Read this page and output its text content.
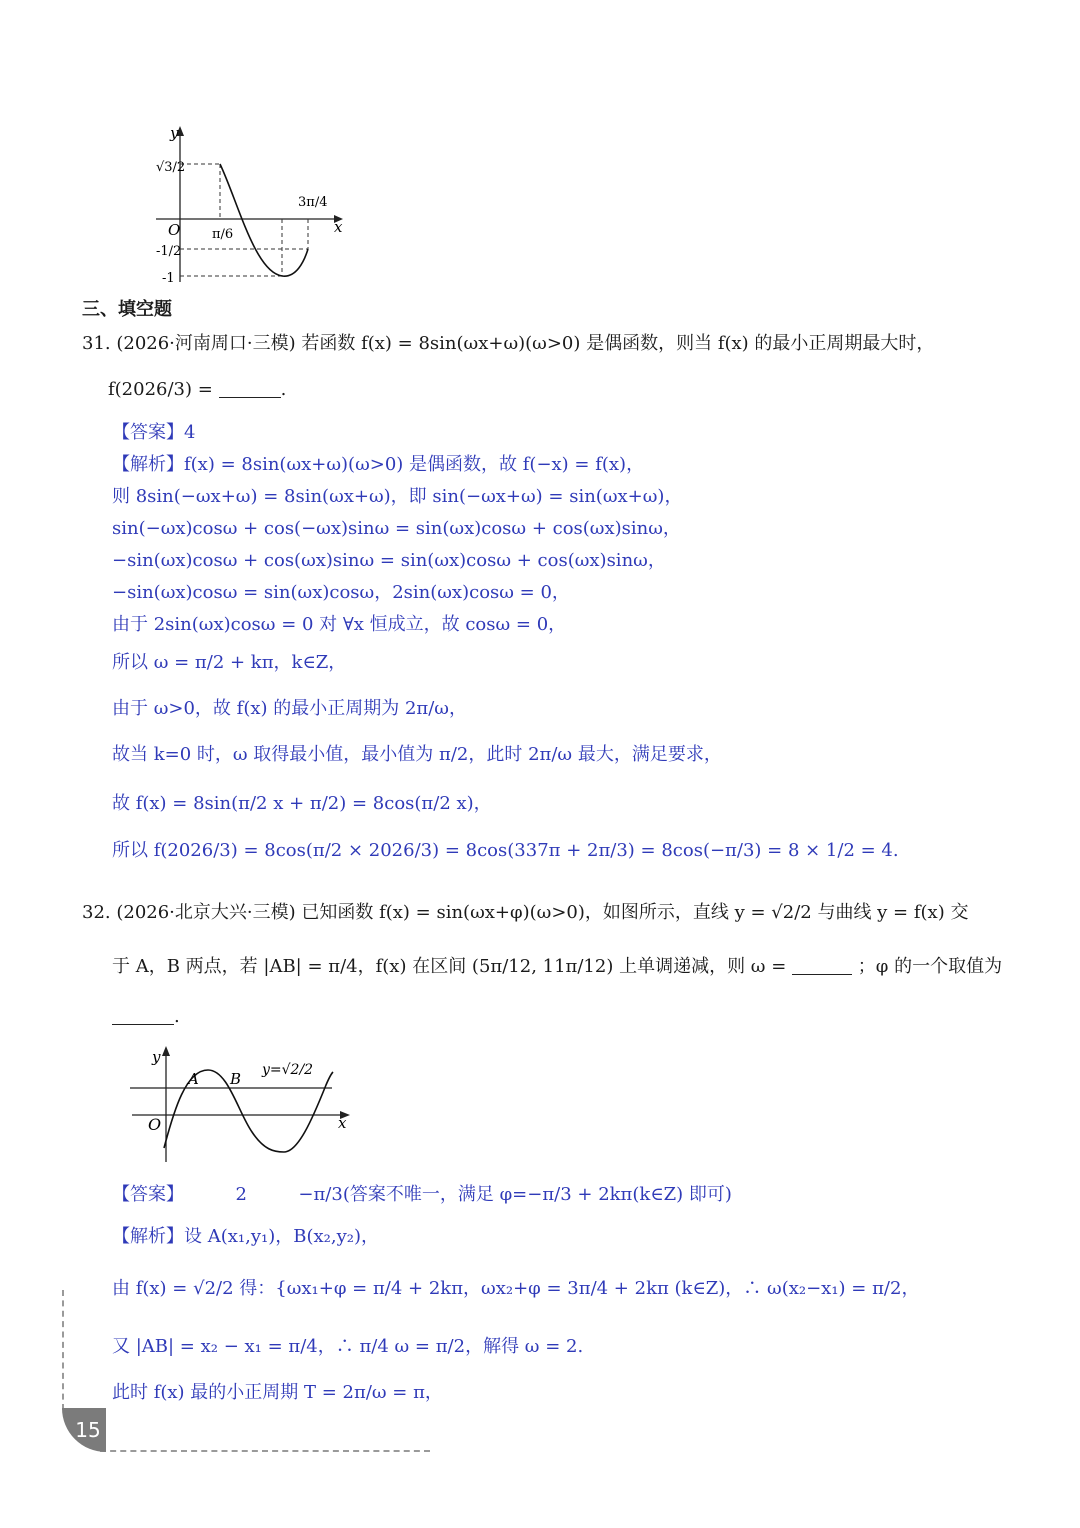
y
x
O
√3/2
-1/2
-1
π/6
3π/4
三、填空题
31. (2026·河南周口·三模) 若函数 f(x) = 8sin(ωx+ω)(ω>0) 是偶函数，则当 f(x) 的最小正周期最大时，
f(2026/3) =	.
【答案】4
【解析】f(x) = 8sin(ωx+ω)(ω>0) 是偶函数，故 f(−x) = f(x)，
则 8sin(−ωx+ω) = 8sin(ωx+ω)，即 sin(−ωx+ω) = sin(ωx+ω)，
sin(−ωx)cosω + cos(−ωx)sinω = sin(ωx)cosω + cos(ωx)sinω，
−sin(ωx)cosω + cos(ωx)sinω = sin(ωx)cosω + cos(ωx)sinω，
−sin(ωx)cosω = sin(ωx)cosω，2sin(ωx)cosω = 0，
由于 2sin(ωx)cosω = 0 对 ∀x 恒成立，故 cosω = 0，
所以 ω = π/2 + kπ，k∈Z，
由于 ω>0，故 f(x) 的最小正周期为 2π/ω，
故当 k=0 时，ω 取得最小值，最小值为 π/2，此时 2π/ω 最大，满足要求，
故 f(x) = 8sin(π/2 x + π/2) = 8cos(π/2 x)，
所以 f(2026/3) = 8cos(π/2 × 2026/3) = 8cos(337π + 2π/3) = 8cos(−π/3) = 8 × 1/2 = 4.
32. (2026·北京大兴·三模) 已知函数 f(x) = sin(ωx+φ)(ω>0)，如图所示，直线 y = √2/2 与曲线 y = f(x) 交
于 A，B 两点，若 |AB| = π/4，f(x) 在区间 (5π/12, 11π/12) 上单调递减，则 ω =	；φ 的一个取值为
.
y
x
O
A B y=√2/2
【答案】	2	−π/3(答案不唯一，满足 φ=−π/3 + 2kπ(k∈Z) 即可)
【解析】设 A(x₁,y₁)，B(x₂,y₂)，
由 f(x) = √2/2 得：{ωx₁+φ = π/4 + 2kπ，ωx₂+φ = 3π/4 + 2kπ (k∈Z)，∴ ω(x₂−x₁) = π/2，
又 |AB| = x₂ − x₁ = π/4，∴ π/4 ω = π/2，解得 ω = 2.
此时 f(x) 最的小正周期 T = 2π/ω = π，
15
